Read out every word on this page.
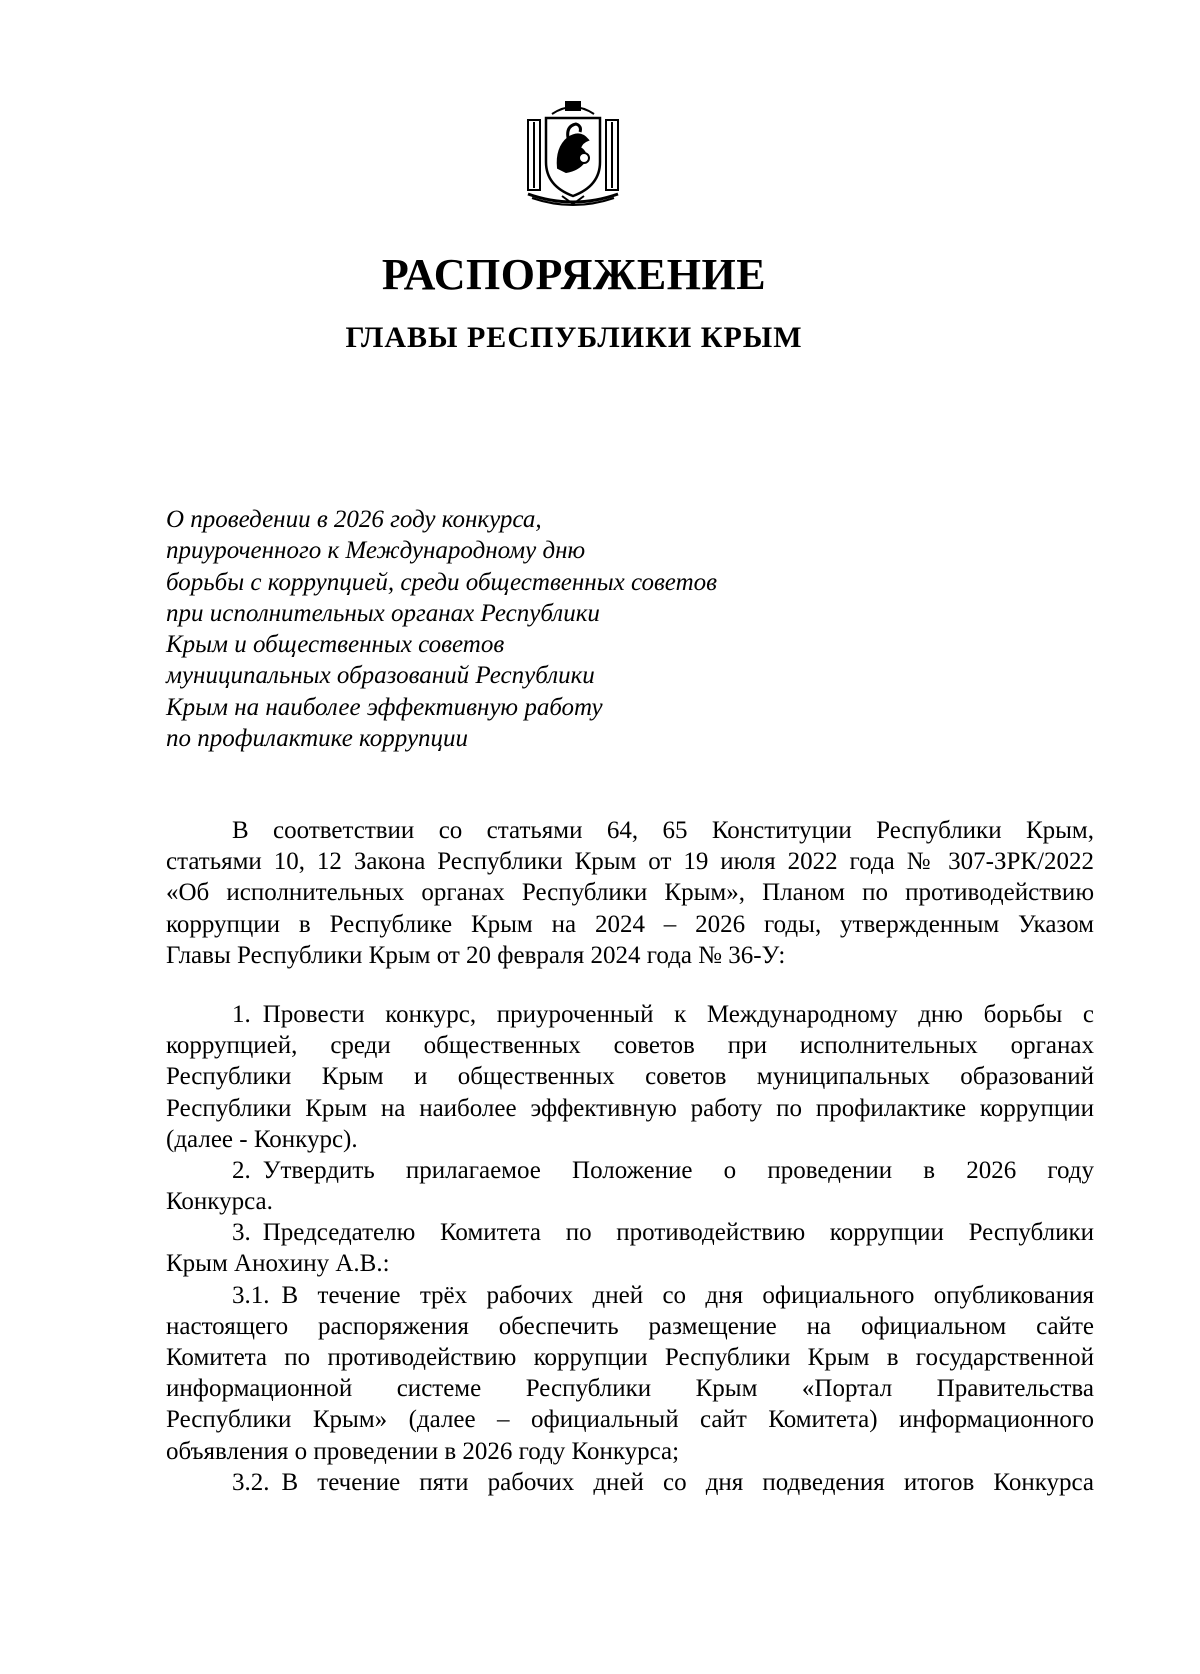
РАСПОРЯЖЕНИЕ
ГЛАВЫ РЕСПУБЛИКИ КРЫМ
О проведении в 2026 году конкурса,
приуроченного к Международному дню
борьбы с коррупцией, среди общественных советов
при исполнительных органах Республики
Крым и общественных советов
муниципальных образований Республики
Крым на наиболее эффективную работу
по профилактике коррупции
В соответствии со статьями 64, 65 Конституции Республики Крым,
статьями 10, 12 Закона Республики Крым от 19 июля 2022 года № 307-ЗРК/2022
«Об исполнительных органах Республики Крым», Планом по противодействию
коррупции в Республике Крым на 2024 – 2026 годы, утвержденным Указом
Главы Республики Крым от 20 февраля 2024 года № 36-У:
1. Провести конкурс, приуроченный к Международному дню борьбы с
коррупцией, среди общественных советов при исполнительных органах
Республики Крым и общественных советов муниципальных образований
Республики Крым на наиболее эффективную работу по профилактике коррупции
(далее - Конкурс).
2. Утвердить прилагаемое Положение о проведении в 2026 году
Конкурса.
3. Председателю Комитета по противодействию коррупции Республики
Крым Анохину А.В.:
3.1. В течение трёх рабочих дней со дня официального опубликования
настоящего распоряжения обеспечить размещение на официальном сайте
Комитета по противодействию коррупции Республики Крым в государственной
информационной системе Республики Крым «Портал Правительства
Республики Крым» (далее – официальный сайт Комитета) информационного
объявления о проведении в 2026 году Конкурса;
3.2. В течение пяти рабочих дней со дня подведения итогов Конкурса
